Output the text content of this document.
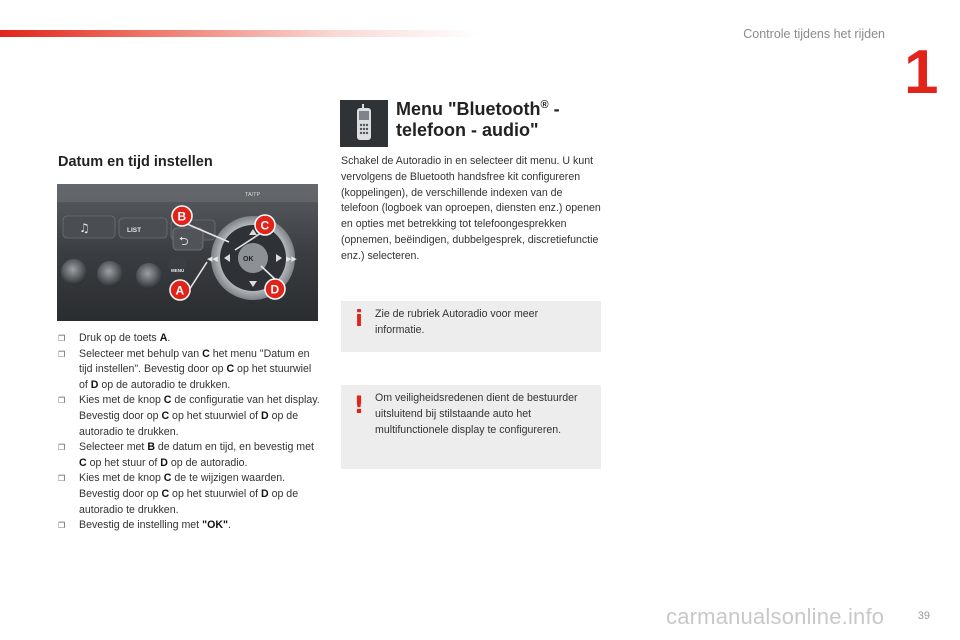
Controle tijdens het rijden
1
Datum en tijd instellen
TA/TP
♫	LIST
MENU
⮌
OK
◀◀	▶▶
B
C
D
A
❒ Druk op de toets A.
❒ Selecteer met behulp van C het menu "Datum en tijd instellen". Bevestig door op C op het stuurwiel of D op de autoradio te drukken.
❒ Kies met de knop C de configuratie van het display. Bevestig door op C op het stuurwiel of D op de autoradio te drukken.
❒ Selecteer met B de datum en tijd, en bevestig met C op het stuur of D op de autoradio.
❒ Kies met de knop C de te wijzigen waarden. Bevestig door op C op het stuurwiel of D op de autoradio te drukken.
❒ Bevestig de instelling met "OK".
Menu "Bluetooth® -
telefoon - audio"
Schakel de Autoradio in en selecteer dit menu. U kunt vervolgens de Bluetooth handsfree kit configureren (koppelingen), de verschillende indexen van de telefoon (logboek van oproepen, diensten enz.) openen en opties met betrekking tot telefoongesprekken (opnemen, beëindigen, dubbelgesprek, discretiefunctie enz.) selecteren.
i	Zie de rubriek Autoradio voor meer informatie.
! Om veiligheidsredenen dient de bestuurder uitsluitend bij stilstaande auto het multifunctionele display te configureren.
carmanualsonline.info	39
